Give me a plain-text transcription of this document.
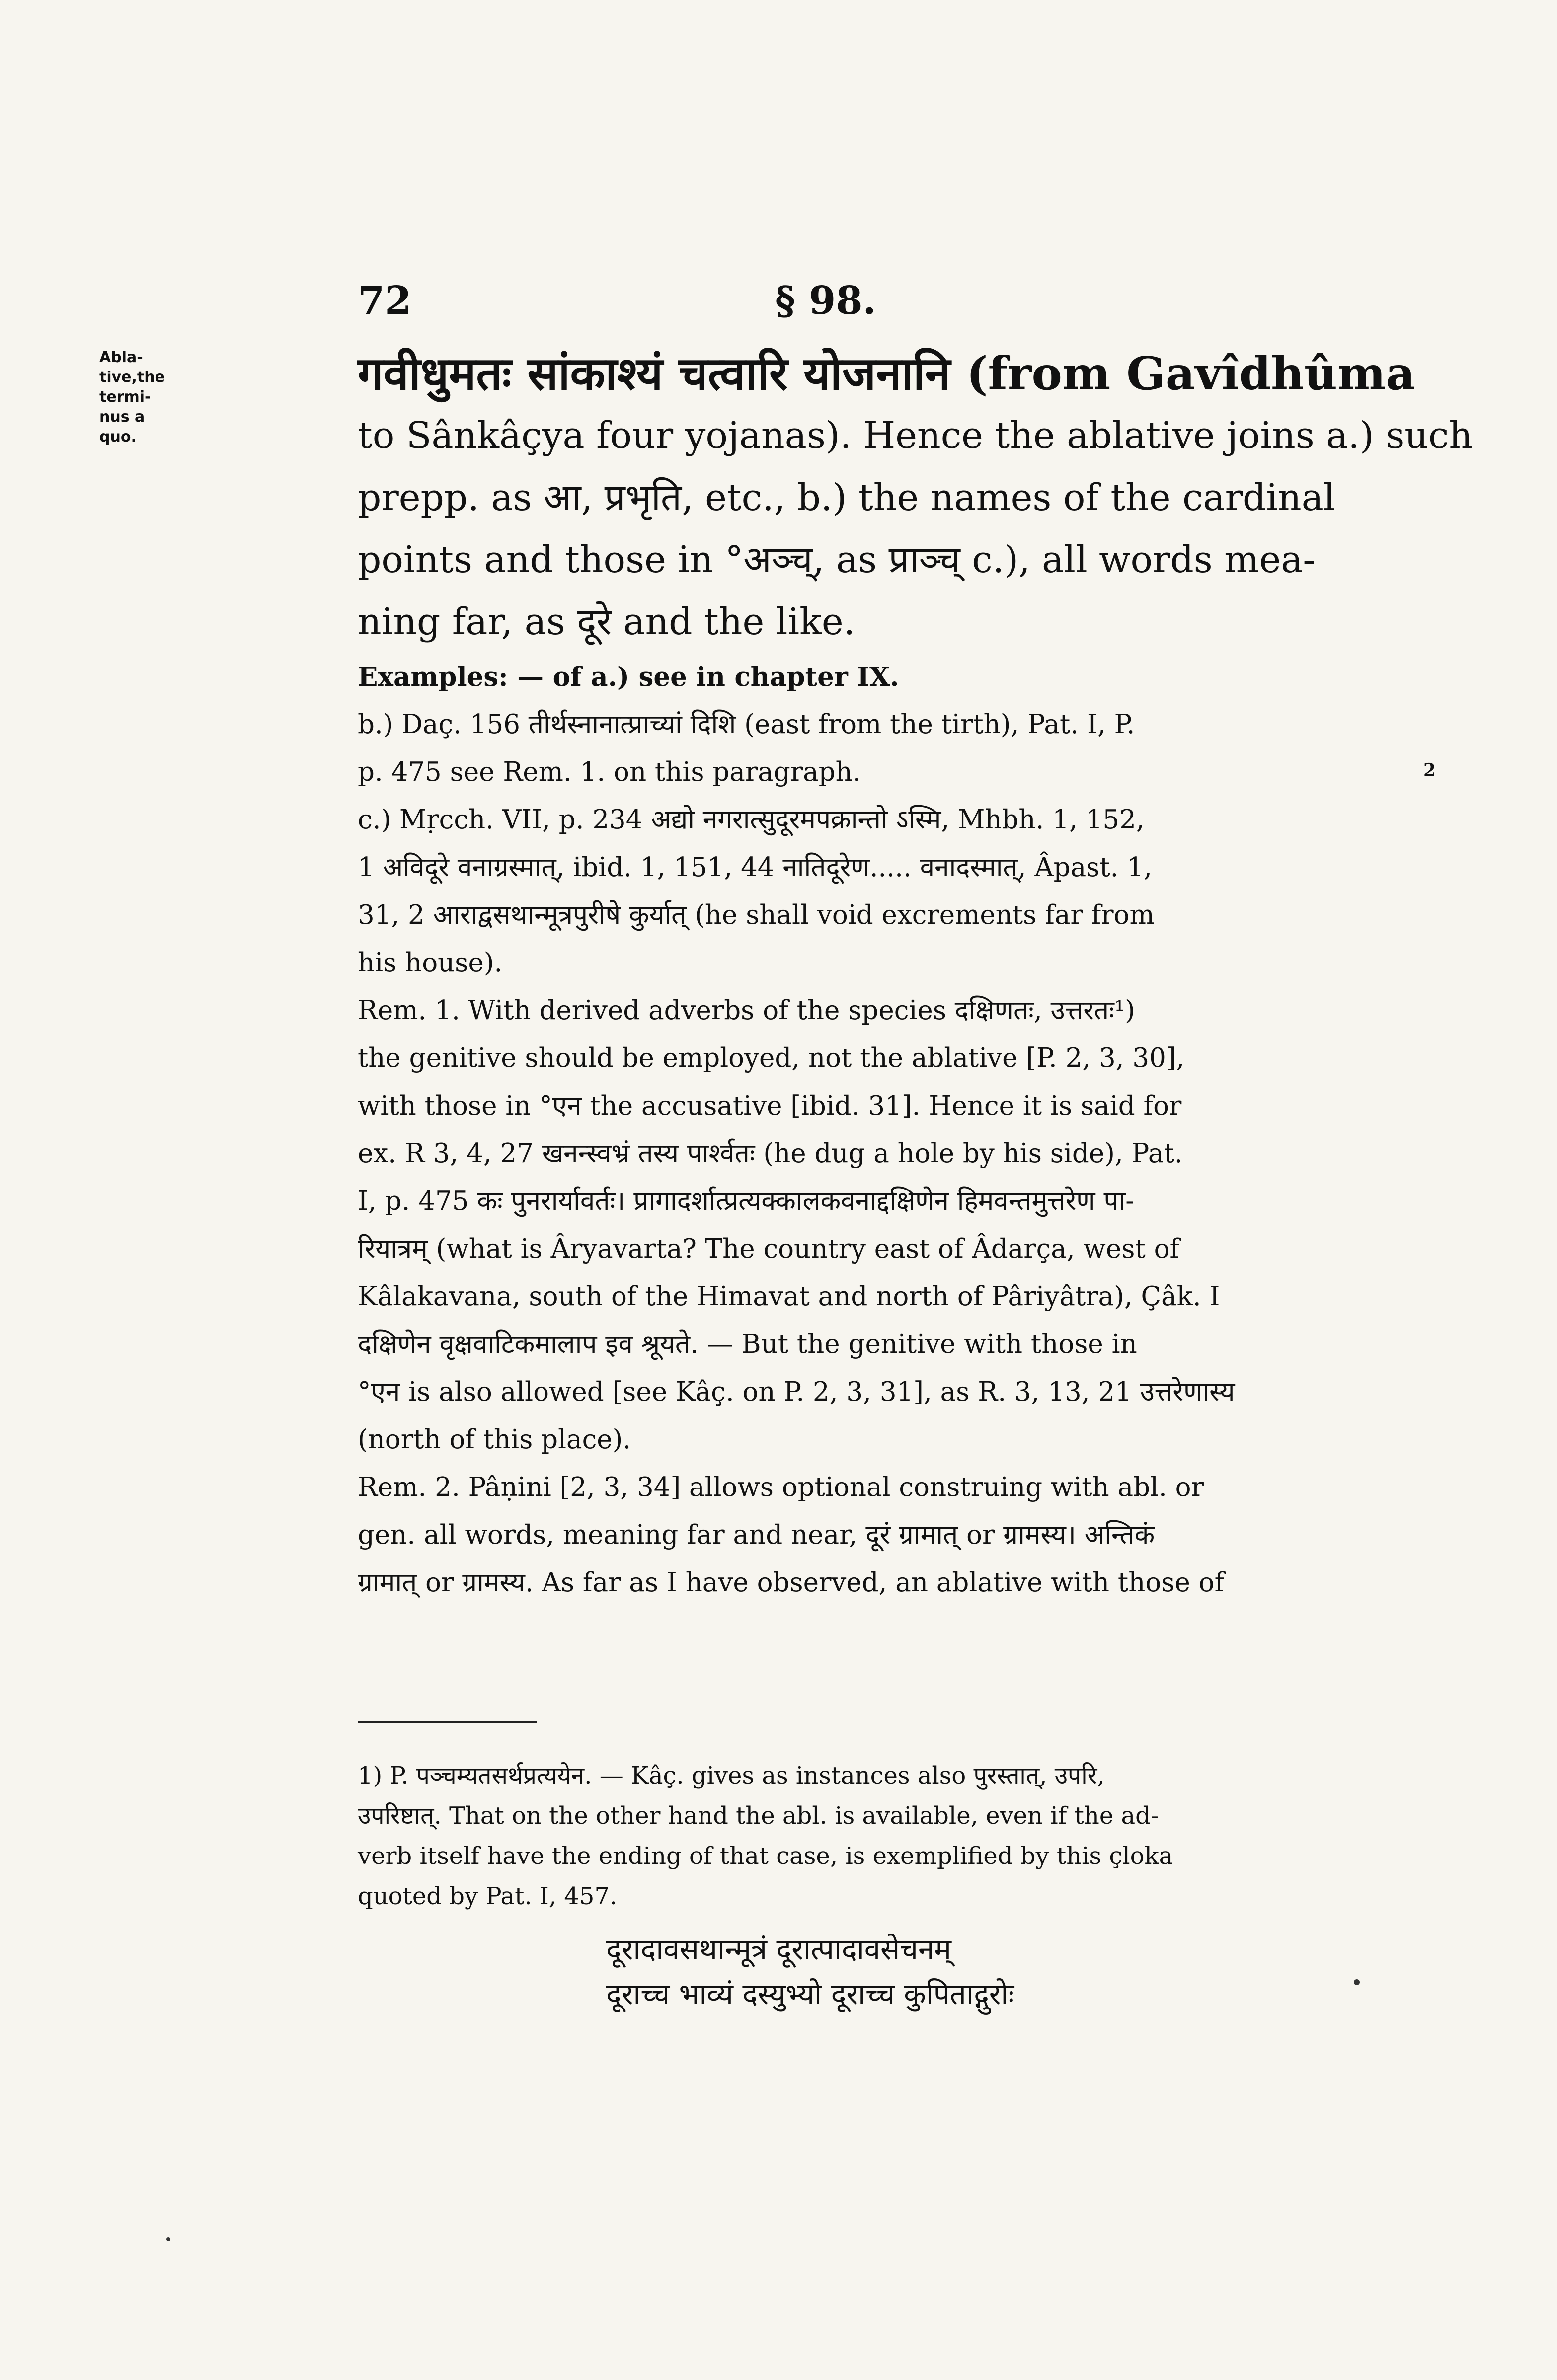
72	§ 98.
Abla-
tive,the
termi-
nus a
quo.
गवीधुमतः सांकाश्यं चत्वारि योजनानि (from Gavîdhûma
to Sânkâçya four yojanas). Hence the ablative joins a.) such
prepp. as आ, प्रभृति, etc., b.) the names of the cardinal
points and those in °अञ्च्, as प्राञ्च् c.), all words mea-
ning far, as दूरे and the like.
Examples: — of a.) see in chapter IX.
b.) Daç. 156 तीर्थस्नानात्प्राच्यां दिशि (east from the tirth), Pat. I, P.
p. 475 see Rem. 1. on this paragraph.
c.) Mṛcch. VII, p. 234 अद्यो नगरात्सुदूरमपक्रान्तो ऽस्मि, Mhbh. 1, 152,
1 अविदूरे वनाग्रस्मात्, ibid. 1, 151, 44 नातिदूरेण..... वनादस्मात्, Âpast. 1,
31, 2 आराद्वसथान्मूत्रपुरीषे कुर्यात् (he shall void excrements far from
his house).
Rem. 1. With derived adverbs of the species दक्षिणतः, उत्तरतः¹)
the genitive should be employed, not the ablative [P. 2, 3, 30],
with those in °एन the accusative [ibid. 31]. Hence it is said for
ex. R 3, 4, 27 खनन्स्वभ्रं तस्य पार्श्वतः (he dug a hole by his side), Pat.
I, p. 475 कः पुनरार्यावर्तः। प्रागादर्शात्प्रत्यक्कालकवनाद्दक्षिणेन हिमवन्तमुत्तरेण पा-
रियात्रम् (what is Âryavarta? The country east of Âdarça, west of
Kâlakavana, south of the Himavat and north of Pâriyâtra), Çâk. I
दक्षिणेन वृक्षवाटिकमालाप इव श्रूयते. — But the genitive with those in
°एन is also allowed [see Kâç. on P. 2, 3, 31], as R. 3, 13, 21 उत्तरेणास्य
(north of this place).
Rem. 2. Pâṇini [2, 3, 34] allows optional construing with abl. or
gen. all words, meaning far and near, दूरं ग्रामात् or ग्रामस्य। अन्तिकं
ग्रामात् or ग्रामस्य. As far as I have observed, an ablative with those of
2
1) P. पञ्चम्यतसर्थप्रत्ययेन. — Kâç. gives as instances also पुरस्तात्, उपरि,
उपरिष्टात्. That on the other hand the abl. is available, even if the ad-
verb itself have the ending of that case, is exemplified by this çloka
quoted by Pat. I, 457.
दूरादावसथान्मूत्रं दूरात्पादावसेचनम्
दूराच्च भाव्यं दस्युभ्यो दूराच्च कुपिताद्गुरोः
